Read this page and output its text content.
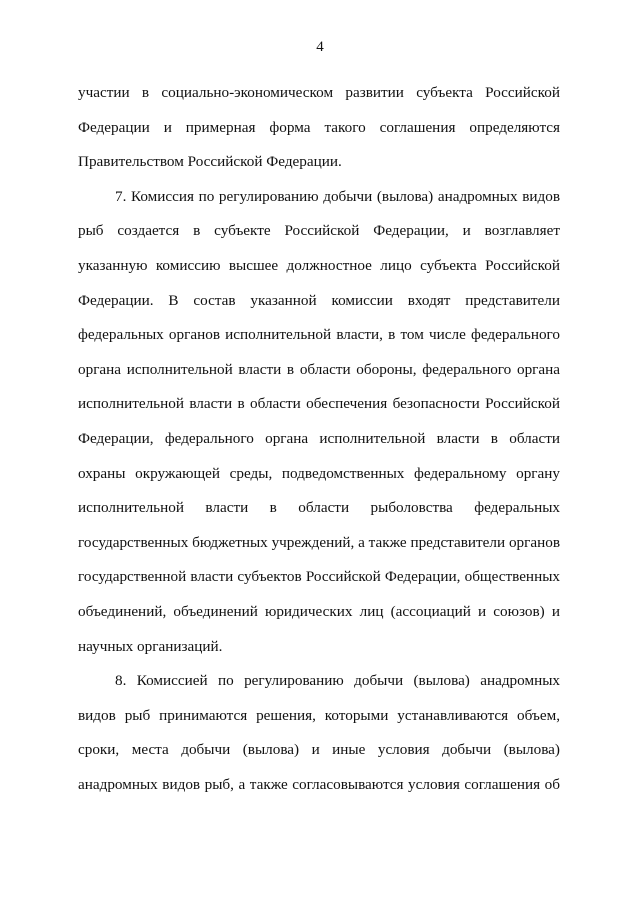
4

участии в социально-экономическом развитии субъекта Российской
Федерации и примерная форма такого соглашения определяются
Правительством Российской Федерации.

7. Комиссия по регулированию добычи (вылова) анадромных видов
рыб создается в субъекте Российской Федерации, и возглавляет
указанную комиссию высшее должностное лицо субъекта Российской
Федерации. В состав указанной комиссии входят представители
федеральных органов исполнительной власти, в том числе федерального
органа исполнительной власти в области обороны, федерального органа
исполнительной власти в области обеспечения безопасности Российской
Федерации, федерального органа исполнительной власти в области
охраны окружающей среды, подведомственных федеральному органу
исполнительной власти в области рыболовства федеральных
государственных бюджетных учреждений, а также представители органов
государственной власти субъектов Российской Федерации, общественных
объединений, объединений юридических лиц (ассоциаций и союзов) и
научных организаций.

8. Комиссией по регулированию добычи (вылова) анадромных
видов рыб принимаются решения, которыми устанавливаются объем,
сроки, места добычи (вылова) и иные условия добычи (вылова)
анадромных видов рыб, а также согласовываются условия соглашения об
